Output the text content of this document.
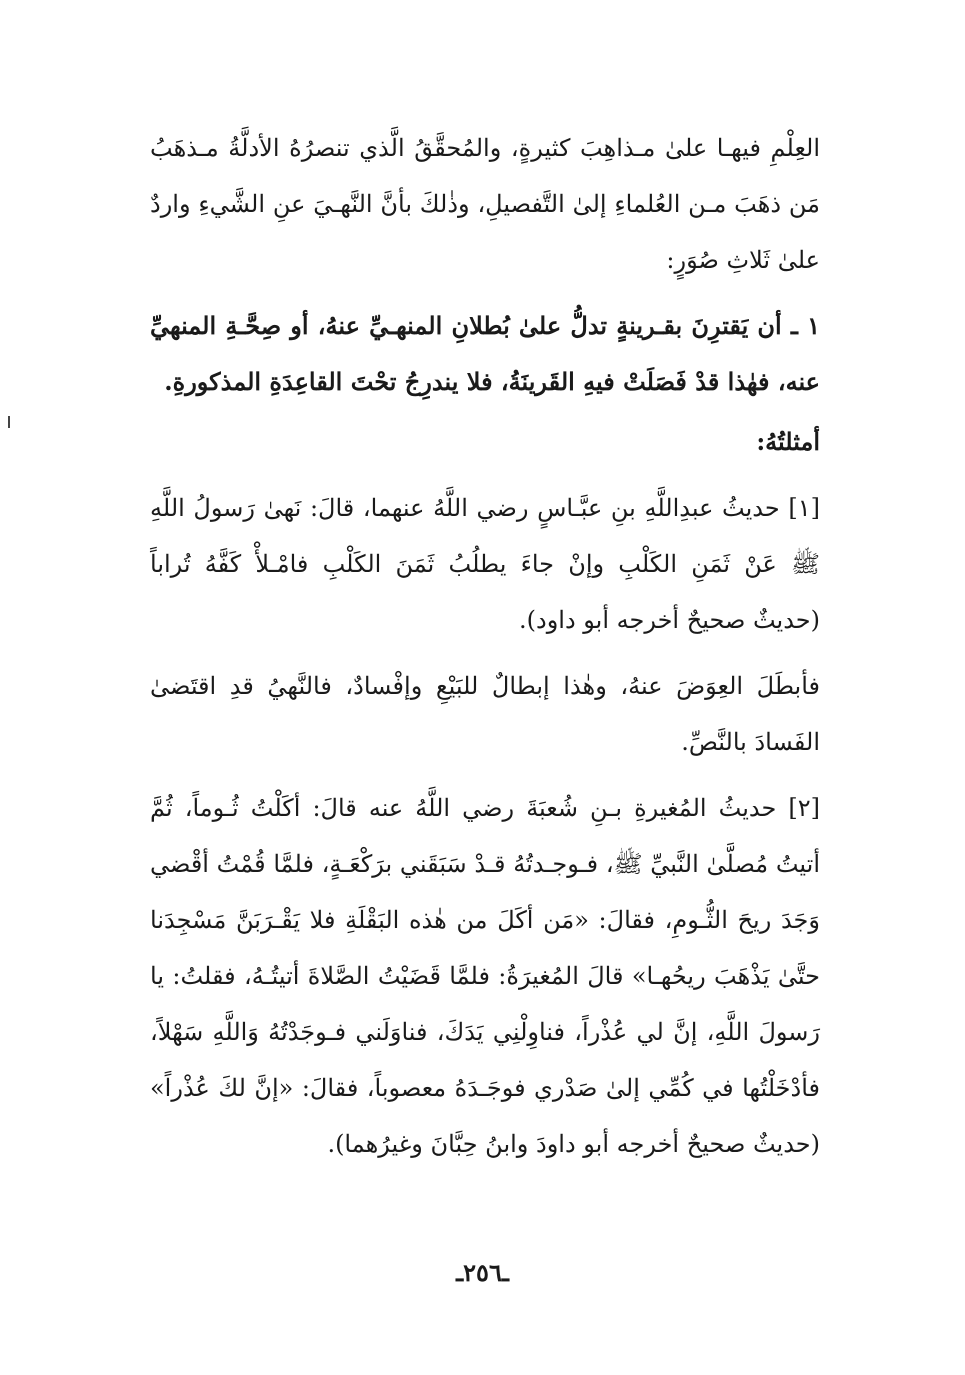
العِلْمِ فيهـا علىٰ مـذاهِبَ كثيرةٍ، والمُحقَّقُ الَّذي تنصرُهُ الأدلَّةُ مـذهَبُ مَن ذهَبَ مـن العُلماءِ إلىٰ التَّفصيلِ، وذٰلكَ بأنَّ النَّهـيَ عنِ الشَّيءِ واردٌ علىٰ ثَلاثِ صُوَرٍ:

١ ـ أن يَقترِنَ بقـرينةٍ تدلُّ علىٰ بُطلانِ المنهـيِّ عنهُ، أو صِحَّـةِ المنهيِّ عنه، فهٰذا قدْ فَصَلَتْ فيهِ القَرينَةُ، فلا يندرِجُ تحْتَ القاعِدَةِ المذكورةِ.

أمثلتُهُ:

[١] حديثُ عبدِاللَّهِ بنِ عبَّـاسٍ رضي اللَّهُ عنهما، قالَ: نَهىٰ رَسولُ اللَّهِ ﷺ عَنْ ثَمَنِ الكَلْبِ وإنْ جاءَ يطلُبُ ثَمَنَ الكَلْبِ فامْـلأْ كَفَّهُ تُراباً (حديثٌ صحيحٌ أخرجه أبو داود).

فأبطَلَ العِوَضَ عنهُ، وهٰذا إبطالٌ للبَيْعِ وإفْسادٌ، فالنَّهيُ قدِ اقتَضىٰ الفَسادَ بالنَّصِّ.

[٢] حديثُ المُغيرةِ بـنِ شُعبَةَ رضي اللَّهُ عنه قالَ: أكَلْتُ ثُـوماً، ثُمَّ أتيتُ مُصلَّىٰ النَّبيِّ ﷺ، فـوجـدتُهُ قـدْ سَبَقَني برَكْعَـةٍ، فلمَّا قُمْتُ أقْضي وَجَدَ ريحَ الثُّـومِ، فقالَ: «مَن أكَلَ من هٰذه البَقْلَةِ فلا يَقْـرَبَنَّ مَسْجِدَنا حتَّىٰ يَذْهَبَ ريحُهـا» قالَ المُغيرَةُ: فلمَّا قَضَيْتُ الصَّلاةَ أتيتُـهُ، فقلتُ: يا رَسولَ اللَّهِ، إنَّ لي عُذْراً، فناوِلْنِي يَدَكَ، فناوَلَني فـوجَدْتُهُ وَاللَّهِ سَهْلاً، فأدْخَلْتُها في كُمِّي إلىٰ صَدْري فوجَـدَهُ معصوباً، فقالَ: «إنَّ لكَ عُذْراً» (حديثٌ صحيحٌ أخرجه أبو داودَ وابنُ حِبَّانَ وغيرُهما).

ـ٢٥٦ـ
